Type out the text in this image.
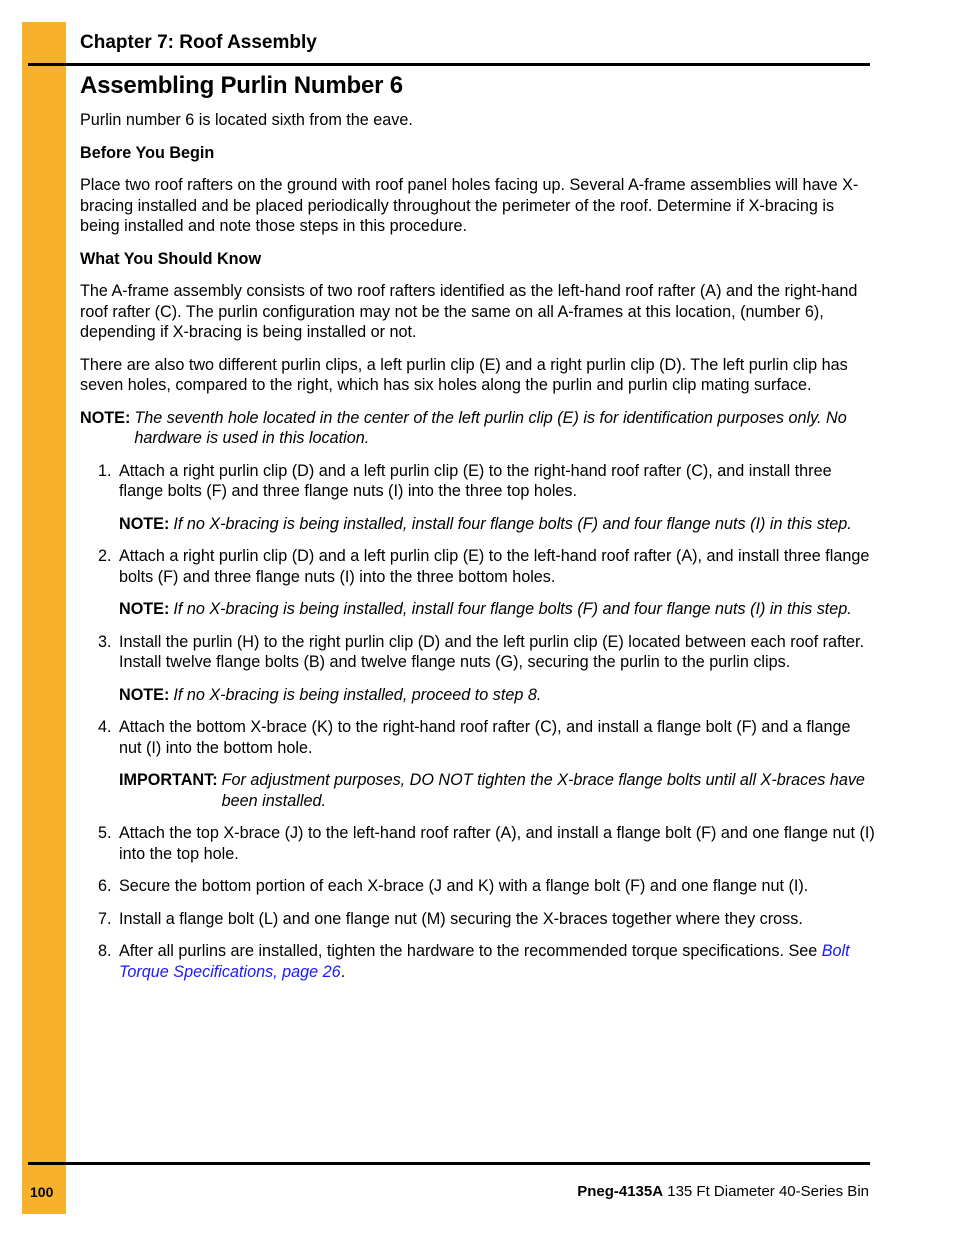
Chapter 7: Roof Assembly
Assembling Purlin Number 6

Purlin number 6 is located sixth from the eave.

Before You Begin

Place two roof rafters on the ground with roof panel holes facing up. Several A-frame assemblies will have X-bracing installed and be placed periodically throughout the perimeter of the roof. Determine if X-bracing is being installed and note those steps in this procedure.

What You Should Know

The A-frame assembly consists of two roof rafters identified as the left-hand roof rafter (A) and the right-hand roof rafter (C). The purlin configuration may not be the same on all A-frames at this location, (number 6), depending if X-bracing is being installed or not.

There are also two different purlin clips, a left purlin clip (E) and a right purlin clip (D). The left purlin clip has seven holes, compared to the right, which has six holes along the purlin and purlin clip mating surface.

NOTE: The seventh hole located in the center of the left purlin clip (E) is for identification purposes only. No hardware is used in this location.
1. Attach a right purlin clip (D) and a left purlin clip (E) to the right-hand roof rafter (C), and install three flange bolts (F) and three flange nuts (I) into the three top holes.
NOTE: If no X-bracing is being installed, install four flange bolts (F) and four flange nuts (I) in this step.
2. Attach a right purlin clip (D) and a left purlin clip (E) to the left-hand roof rafter (A), and install three flange bolts (F) and three flange nuts (I) into the three bottom holes.
NOTE: If no X-bracing is being installed, install four flange bolts (F) and four flange nuts (I) in this step.
3. Install the purlin (H) to the right purlin clip (D) and the left purlin clip (E) located between each roof rafter. Install twelve flange bolts (B) and twelve flange nuts (G), securing the purlin to the purlin clips.
NOTE: If no X-bracing is being installed, proceed to step 8.
4. Attach the bottom X-brace (K) to the right-hand roof rafter (C), and install a flange bolt (F) and a flange nut (I) into the bottom hole.
IMPORTANT: For adjustment purposes, DO NOT tighten the X-brace flange bolts until all X-braces have been installed.
5. Attach the top X-brace (J) to the left-hand roof rafter (A), and install a flange bolt (F) and one flange nut (I) into the top hole.
6. Secure the bottom portion of each X-brace (J and K) with a flange bolt (F) and one flange nut (I).
7. Install a flange bolt (L) and one flange nut (M) securing the X-braces together where they cross.
8. After all purlins are installed, tighten the hardware to the recommended torque specifications. See Bolt Torque Specifications, page 26.
100	Pneg-4135A 135 Ft Diameter 40-Series Bin
